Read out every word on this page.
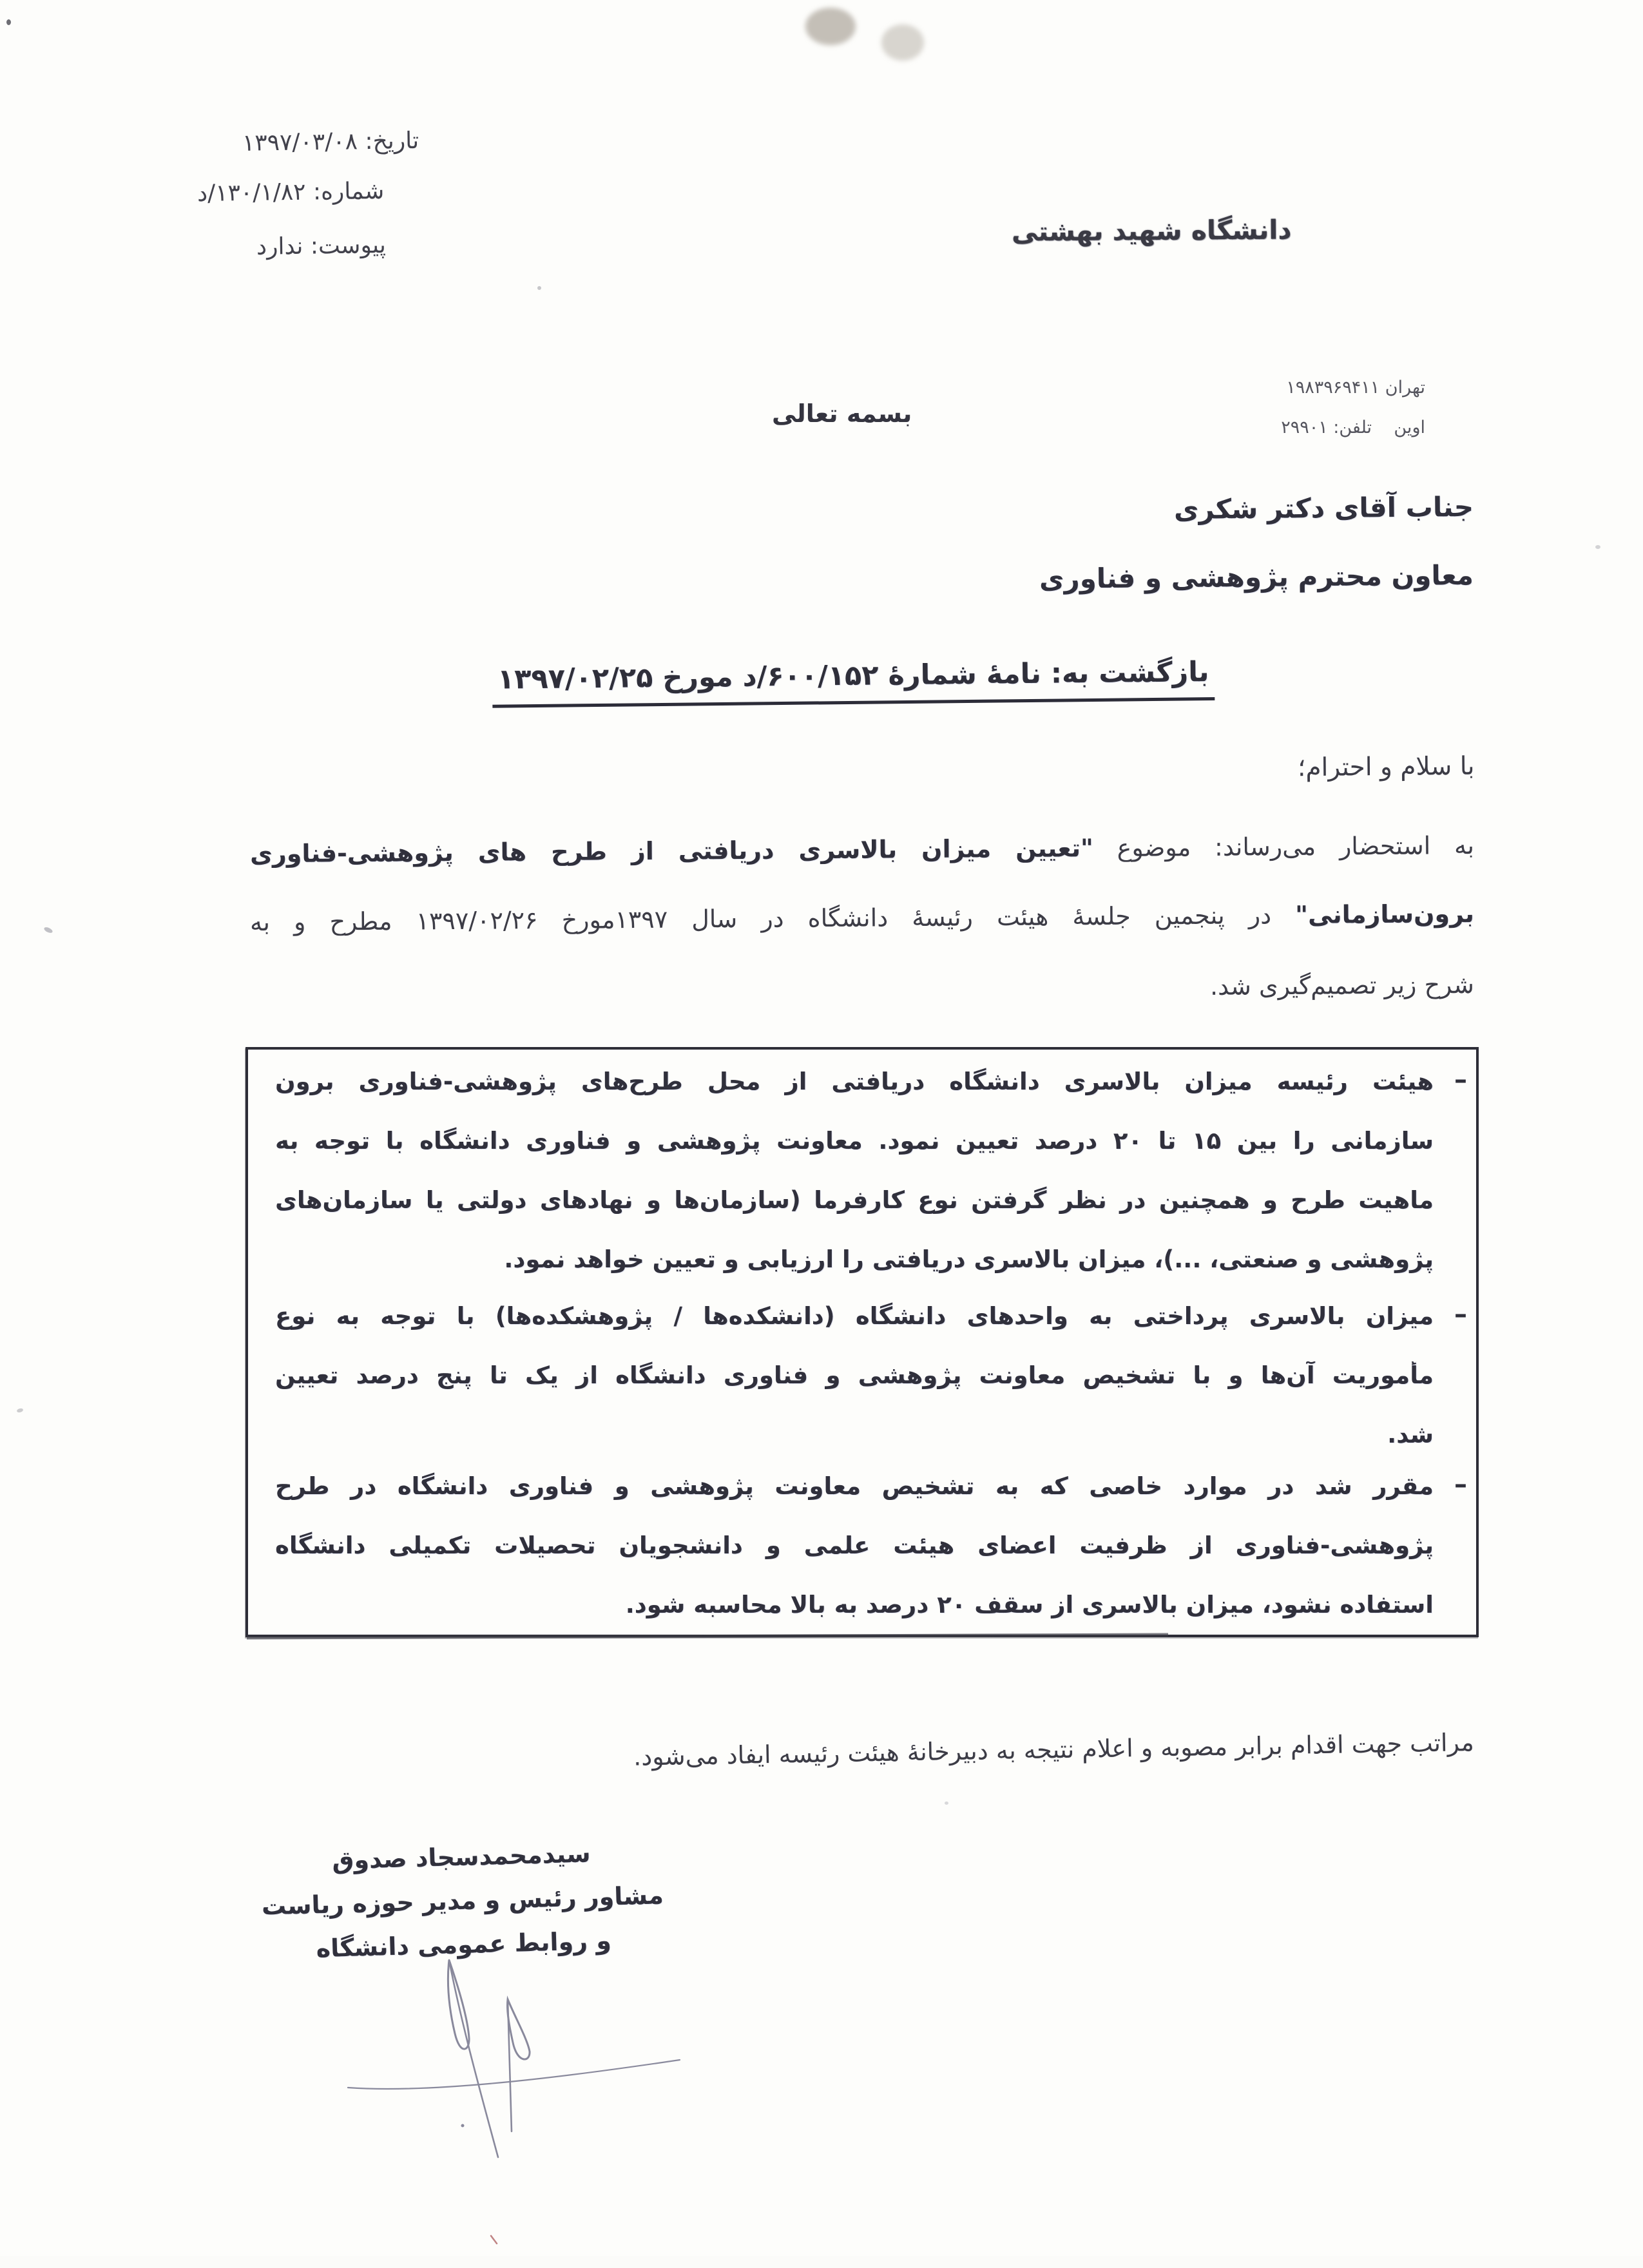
تاریخ: ۱۳۹۷/۰۳/۰۸
شماره: ۱۳۰/۱/۸۲/د
پیوست: ندارد	دانشگاه شهید بهشتی
بسمه تعالی
تهران ۱۹۸۳۹۶۹۴۱۱
اوین    تلفن: ۲۹۹۰۱
جناب آقای دکتر شکری
معاون محترم پژوهشی و فناوری
بازگشت به: نامهٔ شمارهٔ ۶۰۰/۱۵۲/د مورخ ۱۳۹۷/۰۲/۲۵
با سلام و احترام؛
به استحضار می‌رساند: موضوع "تعیین میزان بالاسری دریافتی از طرح های پژوهشی-فناوری
برون‌سازمانی" در پنجمین جلسهٔ هیئت رئیسهٔ دانشگاه در سال ۱۳۹۷مورخ ۱۳۹۷/۰۲/۲۶ مطرح و به
شرح زیر تصمیم‌گیری شد.
–
هیئت رئیسه میزان بالاسری دانشگاه دریافتی از محل طرح‌های پژوهشی-فناوری برون
سازمانی را بین ۱۵ تا ۲۰ درصد تعیین نمود. معاونت پژوهشی و فناوری دانشگاه با توجه به
ماهیت طرح و همچنین در نظر گرفتن نوع کارفرما (سازمان‌ها و نهادهای دولتی یا سازمان‌های
پژوهشی و صنعتی، ...)، میزان بالاسری دریافتی را ارزیابی و تعیین خواهد نمود.
–
میزان بالاسری پرداختی به واحدهای دانشگاه (دانشکده‌ها / پژوهشکده‌ها) با توجه به نوع
مأموریت آن‌ها و با تشخیص معاونت پژوهشی و فناوری دانشگاه از یک تا پنج درصد تعیین
شد.
–
مقرر شد در موارد خاصی که به تشخیص معاونت پژوهشی و فناوری دانشگاه در طرح
پژوهشی-فناوری از ظرفیت اعضای هیئت علمی و دانشجویان تحصیلات تکمیلی دانشگاه
استفاده نشود، میزان بالاسری از سقف ۲۰ درصد به بالا محاسبه شود.
مراتب جهت اقدام برابر مصوبه و اعلام نتیجه به دبیرخانهٔ هیئت رئیسه ایفاد می‌شود.
سیدمحمدسجاد صدوق
مشاور رئیس و مدیر حوزه ریاست
و روابط عمومی دانشگاه
